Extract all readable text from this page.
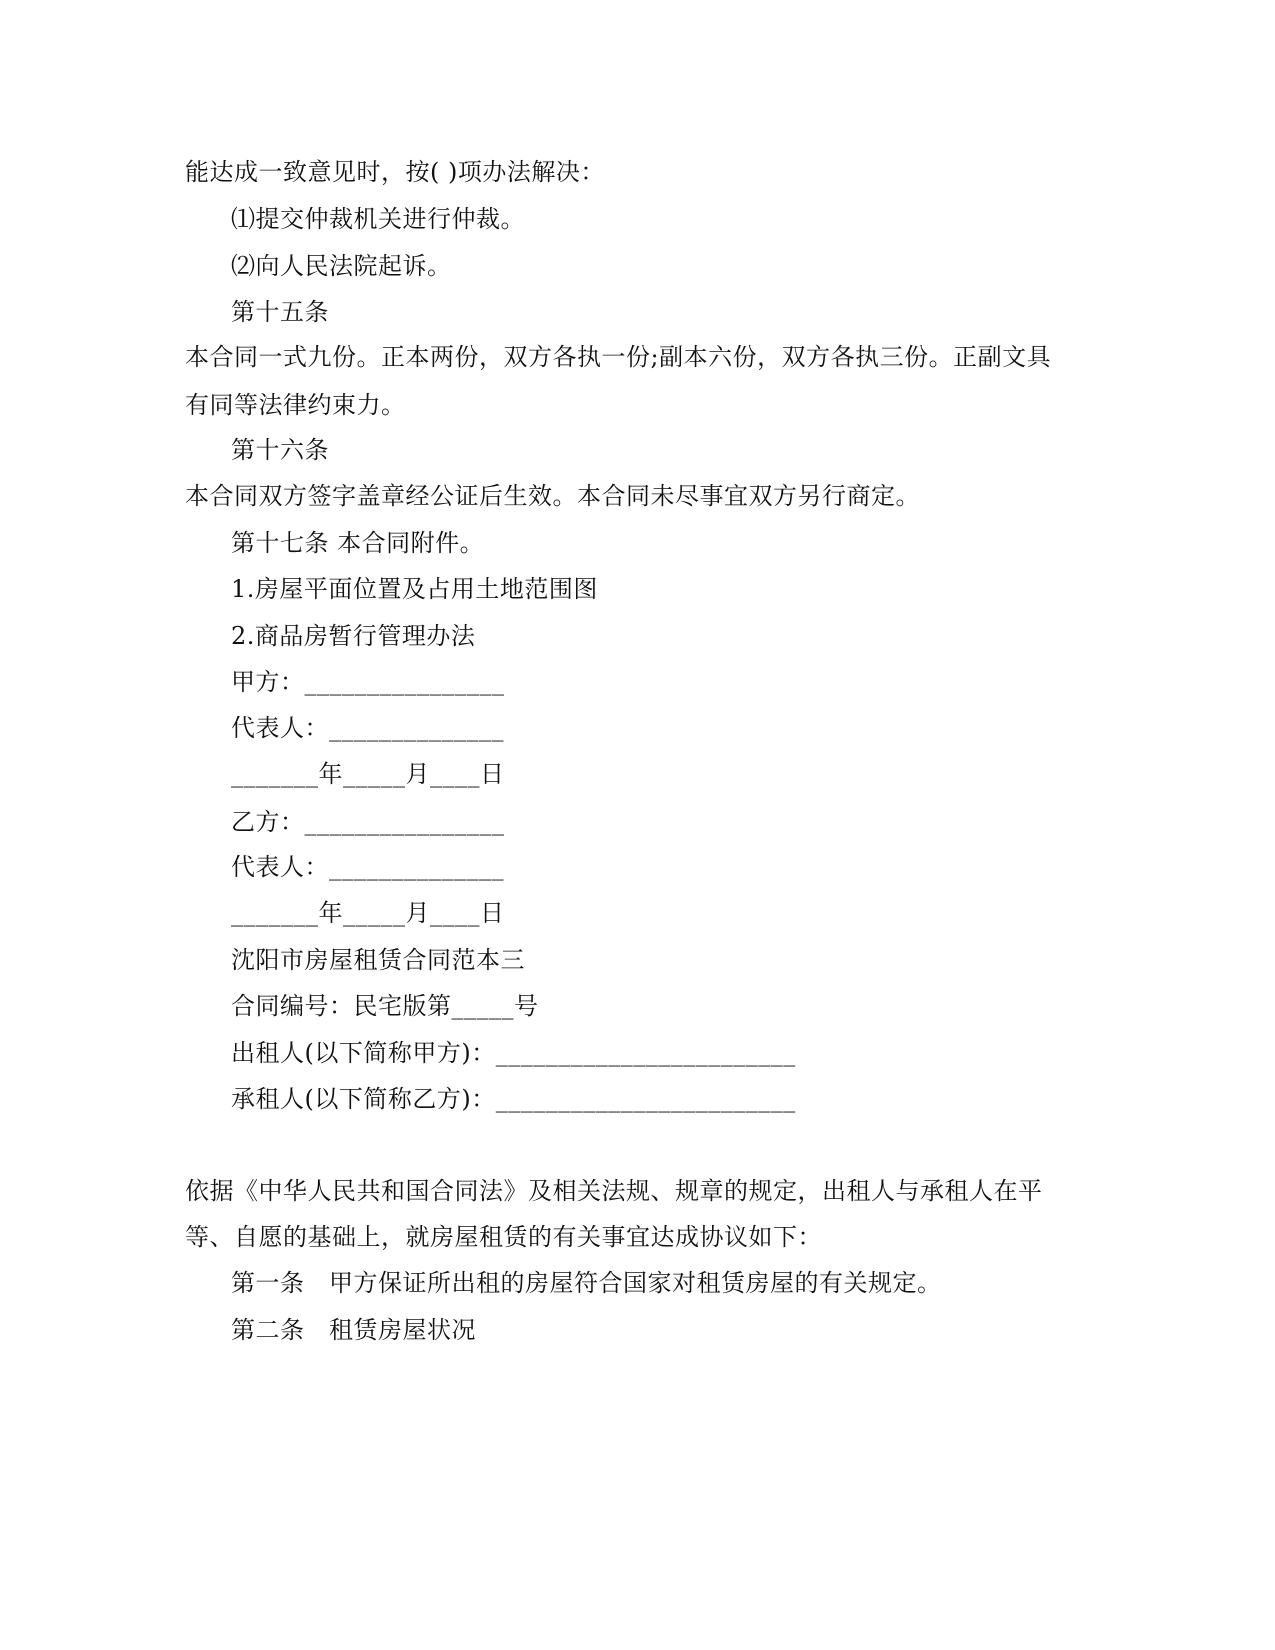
能达成一致意见时，按( )项办法解决：
⑴提交仲裁机关进行仲裁。
⑵向人民法院起诉。
第十五条
本合同一式九份。正本两份，双方各执一份;副本六份，双方各执三份。正副文具
有同等法律约束力。
第十六条
本合同双方签字盖章经公证后生效。本合同未尽事宜双方另行商定。
第十七条 本合同附件。
1.房屋平面位置及占用土地范围图
2.商品房暂行管理办法
甲方：________________
代表人：______________
_______年_____月____日
乙方：________________
代表人：______________
_______年_____月____日
沈阳市房屋租赁合同范本三
合同编号：民宅版第_____号
出租人(以下简称甲方)：________________________
承租人(以下简称乙方)：________________________
依据《中华人民共和国合同法》及相关法规、规章的规定，出租人与承租人在平
等、自愿的基础上，就房屋租赁的有关事宜达成协议如下：
第一条　甲方保证所出租的房屋符合国家对租赁房屋的有关规定。
第二条　租赁房屋状况
